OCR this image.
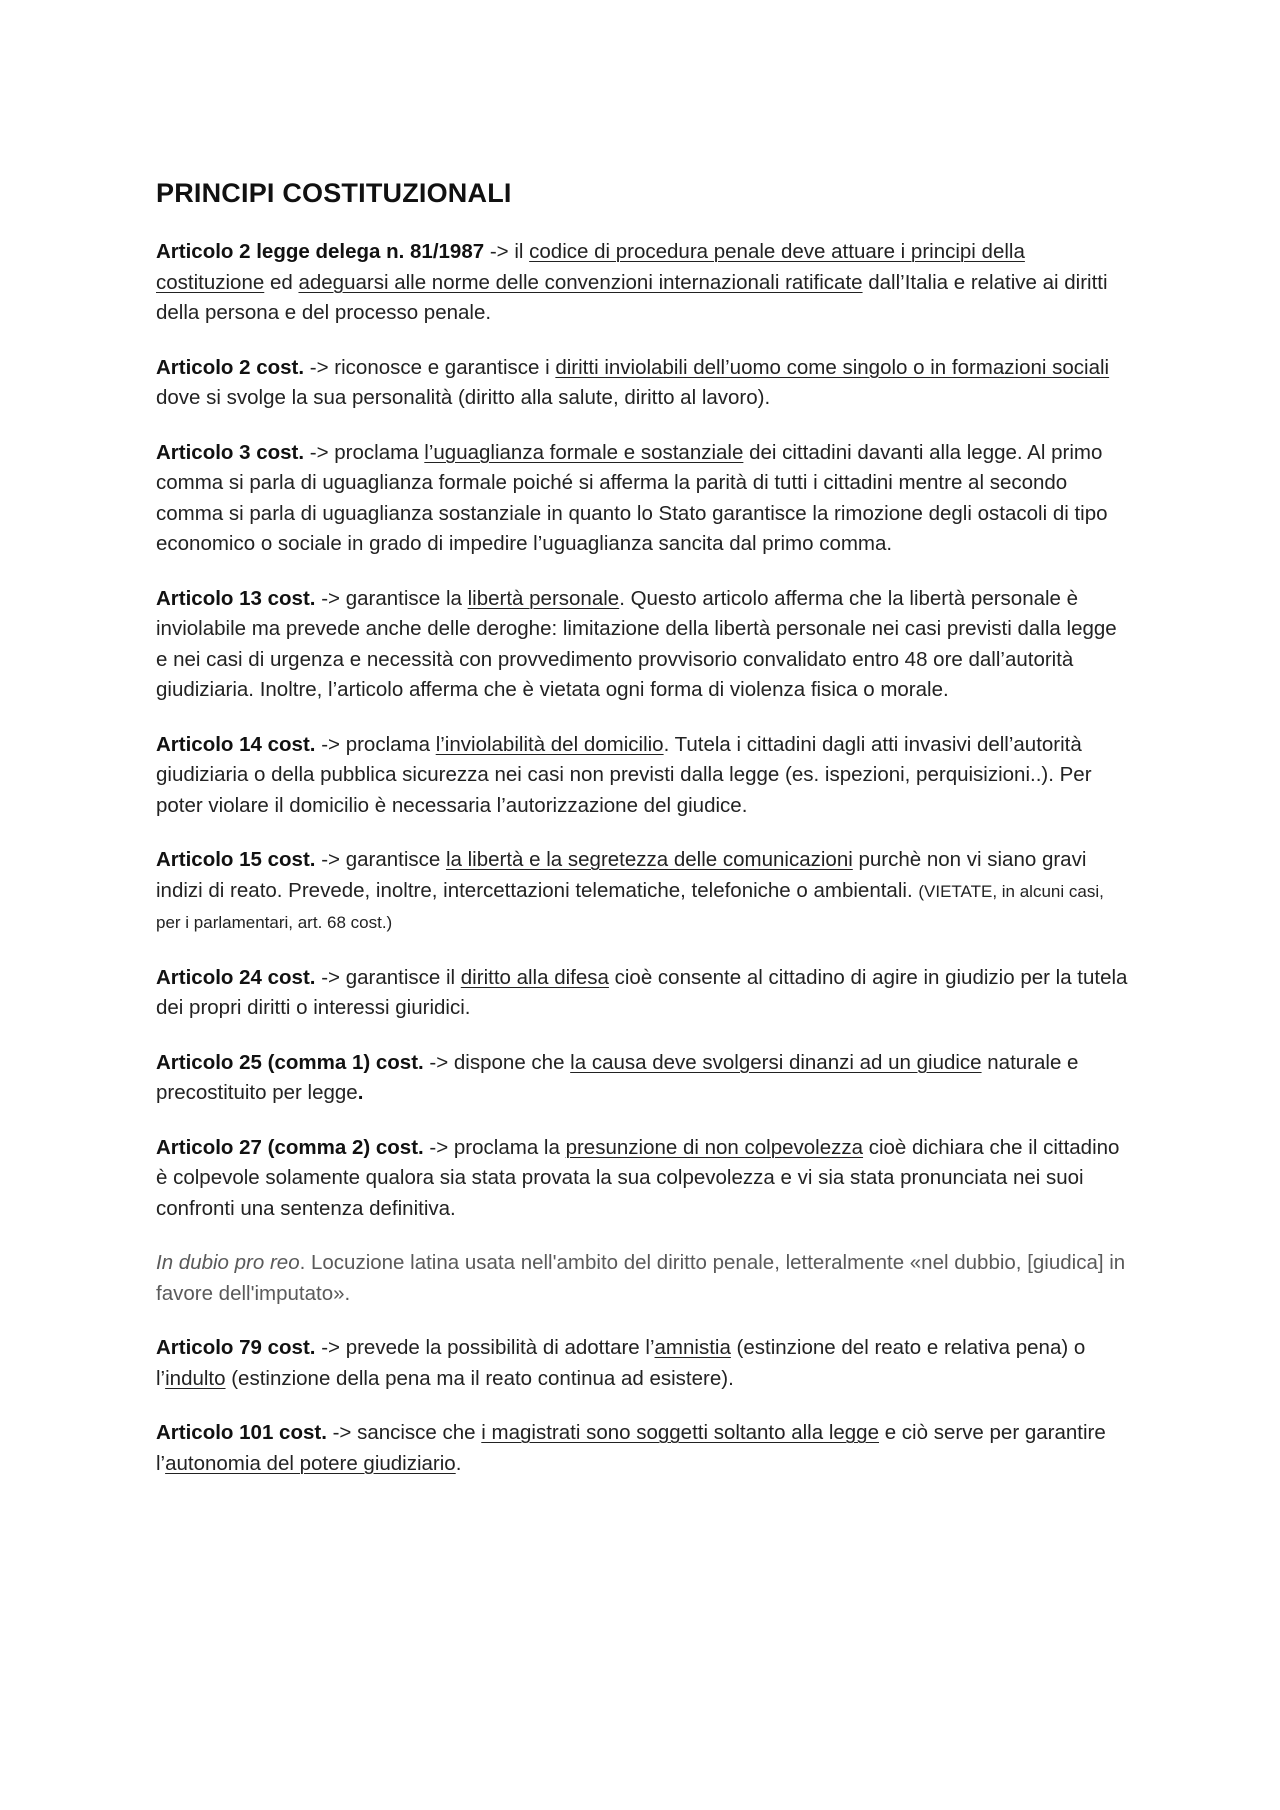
PRINCIPI COSTITUZIONALI

Articolo 2 legge delega n. 81/1987 -> il codice di procedura penale deve attuare i principi della costituzione ed adeguarsi alle norme delle convenzioni internazionali ratificate dall’Italia e relative ai diritti della persona e del processo penale.

Articolo 2 cost. -> riconosce e garantisce i diritti inviolabili dell’uomo come singolo o in formazioni sociali dove si svolge la sua personalità (diritto alla salute, diritto al lavoro).

Articolo 3 cost. -> proclama l’uguaglianza formale e sostanziale dei cittadini davanti alla legge. Al primo comma si parla di uguaglianza formale poiché si afferma la parità di tutti i cittadini mentre al secondo comma si parla di uguaglianza sostanziale in quanto lo Stato garantisce la rimozione degli ostacoli di tipo economico o sociale in grado di impedire l’uguaglianza sancita dal primo comma.

Articolo 13 cost. -> garantisce la libertà personale. Questo articolo afferma che la libertà personale è inviolabile ma prevede anche delle deroghe: limitazione della libertà personale nei casi previsti dalla legge e nei casi di urgenza e necessità con provvedimento provvisorio convalidato entro 48 ore dall’autorità giudiziaria. Inoltre, l’articolo afferma che è vietata ogni forma di violenza fisica o morale.

Articolo 14 cost. -> proclama l’inviolabilità del domicilio. Tutela i cittadini dagli atti invasivi dell’autorità giudiziaria o della pubblica sicurezza nei casi non previsti dalla legge (es. ispezioni, perquisizioni..). Per poter violare il domicilio è necessaria l’autorizzazione del giudice.

Articolo 15 cost. -> garantisce la libertà e la segretezza delle comunicazioni purchè non vi siano gravi indizi di reato. Prevede, inoltre, intercettazioni telematiche, telefoniche o ambientali. (VIETATE, in alcuni casi, per i parlamentari, art. 68 cost.)

Articolo 24 cost. -> garantisce il diritto alla difesa cioè consente al cittadino di agire in giudizio per la tutela dei propri diritti o interessi giuridici.

Articolo 25 (comma 1) cost. -> dispone che la causa deve svolgersi dinanzi ad un giudice naturale e precostituito per legge.

Articolo 27 (comma 2) cost. -> proclama la presunzione di non colpevolezza cioè dichiara che il cittadino è colpevole solamente qualora sia stata provata la sua colpevolezza e vi sia stata pronunciata nei suoi confronti una sentenza definitiva.

In dubio pro reo. Locuzione latina usata nell'ambito del diritto penale, letteralmente «nel dubbio, [giudica] in favore dell'imputato».

Articolo 79 cost. -> prevede la possibilità di adottare l’amnistia (estinzione del reato e relativa pena) o l’indulto (estinzione della pena ma il reato continua ad esistere).

Articolo 101 cost. -> sancisce che i magistrati sono soggetti soltanto alla legge e ciò serve per garantire l’autonomia del potere giudiziario.
